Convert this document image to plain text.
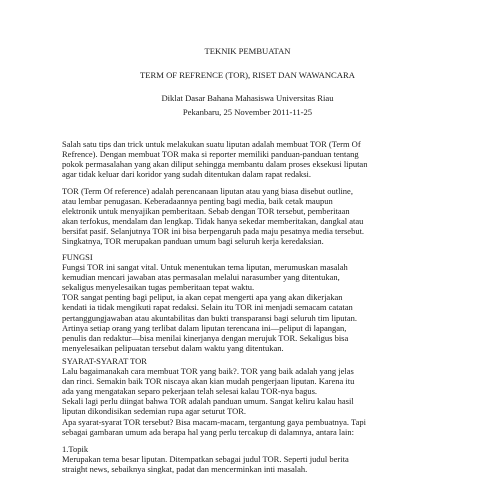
TEKNIK PEMBUATAN
TERM OF REFRENCE (TOR), RISET DAN WAWANCARA
Diklat Dasar Bahana Mahasiswa Universitas Riau
Pekanbaru, 25 November 2011-11-25
Salah satu tips dan trick untuk melakukan suatu liputan adalah membuat TOR (Term Of
Refrence). Dengan membuat TOR maka si reporter memiliki panduan-panduan tentang
pokok permasalahan yang akan diliput sehingga membantu dalam proses eksekusi liputan
agar tidak keluar dari koridor yang sudah ditentukan dalam rapat redaksi.
TOR (Term Of reference) adalah perencanaan liputan atau yang biasa disebut outline,
atau lembar penugasan. Keberadaannya penting bagi media, baik cetak maupun
elektronik untuk menyajikan pemberitaan. Sebab dengan TOR tersebut, pemberitaan
akan terfokus, mendalam dan lengkap. Tidak hanya sekedar memberitakan, dangkal atau
bersifat pasif. Selanjutnya TOR ini bisa berpengaruh pada maju pesatnya media tersebut.
Singkatnya, TOR merupakan panduan umum bagi seluruh kerja keredaksian.
FUNGSI
Fungsi TOR ini sangat vital. Untuk menentukan tema liputan, merumuskan masalah
kemudian mencari jawaban atas permasalan melalui narasumber yang ditentukan,
sekaligus menyelesaikan tugas pemberitaan tepat waktu.
TOR sangat penting bagi peliput, ia akan cepat mengerti apa yang akan dikerjakan
kendati ia tidak mengikuti rapat redaksi. Selain itu TOR ini menjadi semacam catatan
pertanggungjawaban atau akuntabilitas dan bukti transparansi bagi seluruh tim liputan.
Artinya setiap orang yang terlibat dalam liputan terencana ini—peliput di lapangan,
penulis dan redaktur—bisa menilai kinerjanya dengan merujuk TOR. Sekaligus bisa
menyelesaikan pelipuatan tersebut dalam waktu yang ditentukan.
SYARAT-SYARAT TOR
Lalu bagaimanakah cara membuat TOR yang baik?. TOR yang baik adalah yang jelas
dan rinci. Semakin baik TOR niscaya akan kian mudah pengerjaan liputan. Karena itu
ada yang mengatakan separo pekerjaan telah selesai kalau TOR-nya bagus.
Sekali lagi perlu diingat bahwa TOR adalah panduan umum. Sangat keliru kalau hasil
liputan dikondisikan sedemian rupa agar seturut TOR.
Apa syarat-syarat TOR tersebut? Bisa macam-macam, tergantung gaya pembuatnya. Tapi
sebagai gambaran umum ada berapa hal yang perlu tercakup di dalamnya, antara lain:
1.Topik
Merupakan tema besar liputan. Ditempatkan sebagai judul TOR. Seperti judul berita
straight news, sebaiknya singkat, padat dan mencerminkan inti masalah.
